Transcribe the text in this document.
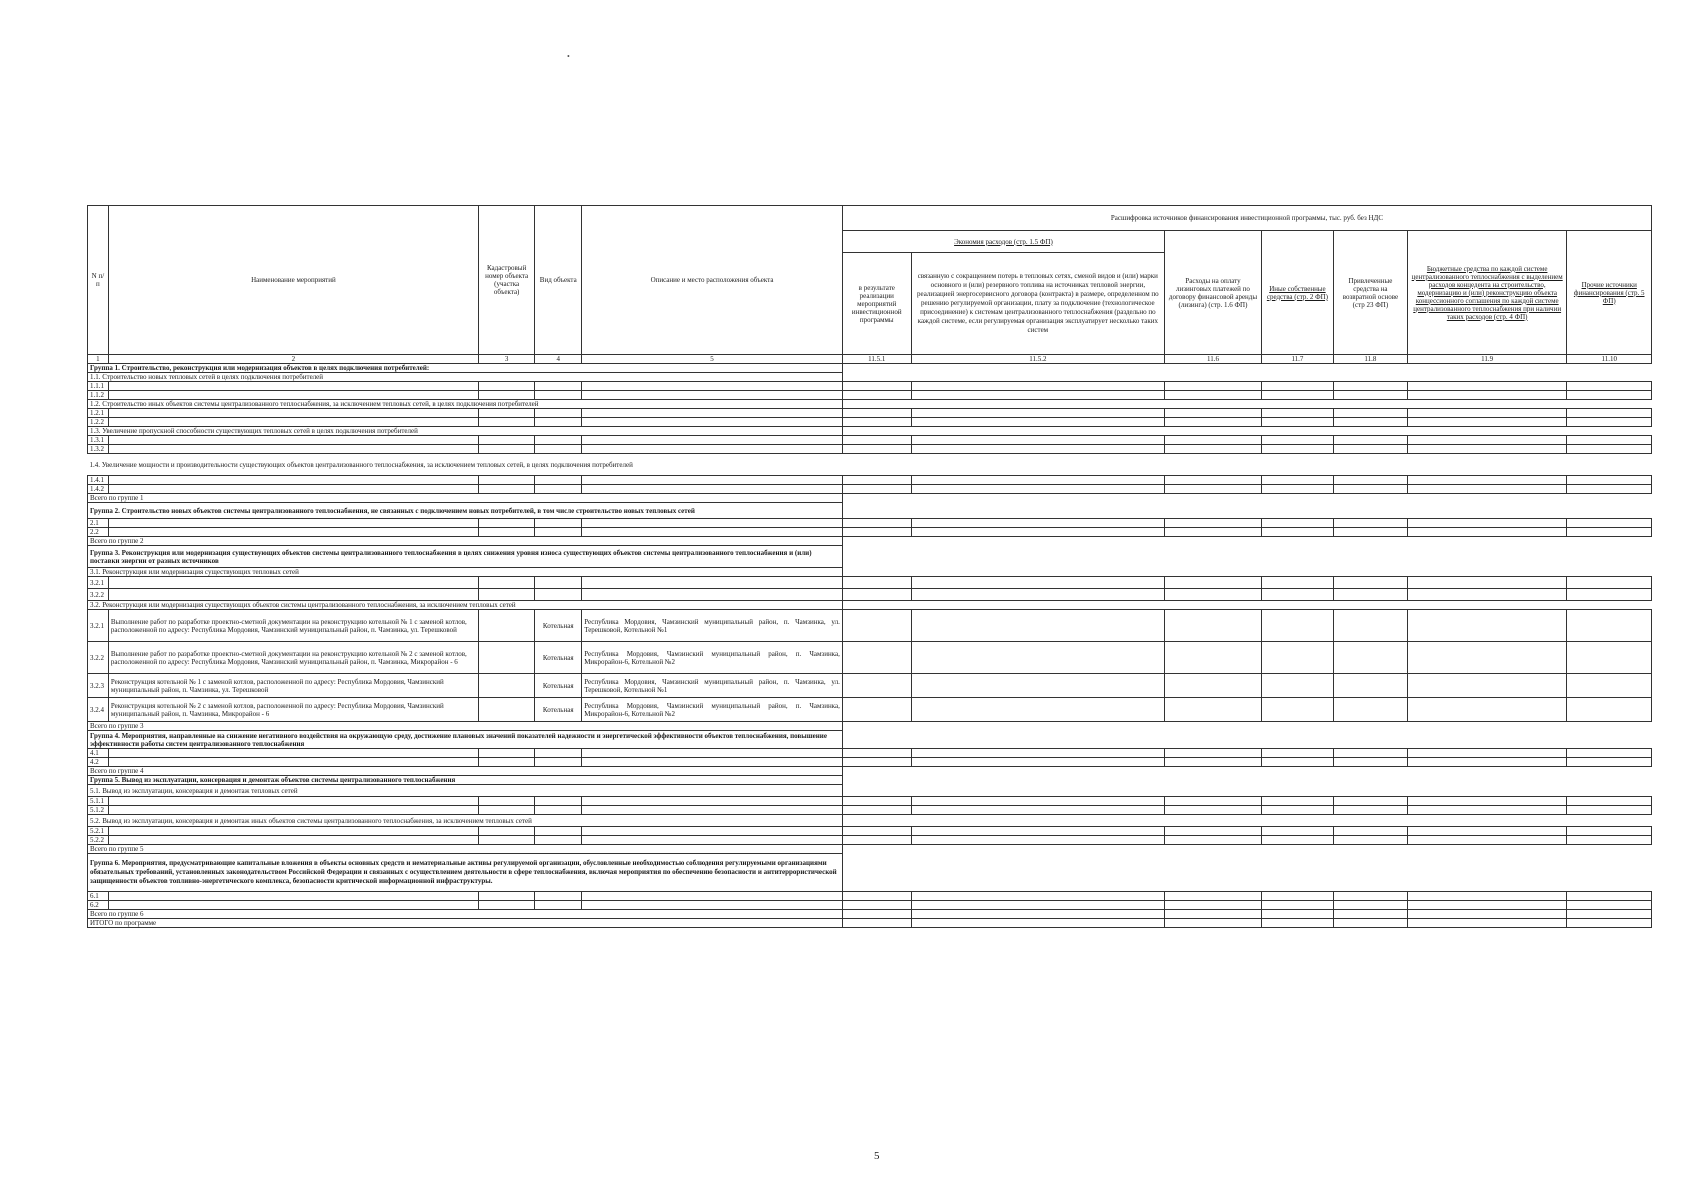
•
N п/п	Наименование мероприятий	Кадастровый номер объекта (участка объекта)	Вид объекта	Описание и место расположения объекта	Расшифровка источников финансирования инвестиционной программы, тыс. руб. без НДС						
					Экономия расходов (стр. 1.5 ФП)		Расходы на оплату лизинговых платежей по договору финансовой аренды (лизинга) (стр. 1.6 ФП)	Иные собственные средства (стр. 2 ФП)	Привлеченные средства на возвратной основе (стр 23 ФП)	Бюджетные средства по каждой системе централизованного теплоснабжения с выделением расходов концедента на строительство, модернизацию и (или) реконструкцию объекта концессионного соглашения по каждой системе централизованного теплоснабжения при наличии таких расходов (стр. 4 ФП)	Прочие источники финансирования (стр. 5 ФП)
					в результате реализации мероприятий инвестиционной программы	связанную с сокращением потерь в тепловых сетях, сменой видов и (или) марки основного и (или) резервного топлива на источниках тепловой энергии, реализацией энергосервисного договора (контракта) в размере, определенном по решению регулируемой организации, плату за подключение (технологическое присоединение) к системам централизованного теплоснабжения (раздельно по каждой системе, если регулируемая организация эксплуатирует несколько таких систем					
1	2	3	4	5	11.5.1	11.5.2	11.6	11.7	11.8	11.9	11.10
Группа 1. Строительство, реконструкция или модернизация объектов в целях подключения потребителей:											
1.1. Строительство новых тепловых сетей в целях подключения потребителей											
1.1.1											
1.1.2											
1.2. Строительство иных объектов системы централизованного теплоснабжения, за исключением тепловых сетей, в целях подключения потребителей											
1.2.1											
1.2.2											
1.3. Увеличение пропускной способности существующих тепловых сетей в целях подключения потребителей											
1.3.1											
1.3.2											
1.4. Увеличение мощности и производительности существующих объектов централизованного теплоснабжения, за исключением тепловых сетей, в целях подключения потребителей											
1.4.1											
1.4.2											
Всего по группе 1											
Группа 2. Строительство новых объектов системы централизованного теплоснабжения, не связанных с подключением новых потребителей, в том числе строительство новых тепловых сетей											
2.1											
2.2											
Всего по группе 2											
Группа 3. Реконструкция или модернизация существующих объектов системы централизованного теплоснабжения в целях снижения уровня износа существующих объектов системы централизованного теплоснабжения и (или) поставки энергии от разных источников											
3.1. Реконструкция или модернизация существующих тепловых сетей											
3.2.1											
3.2.2											
3.2. Реконструкция или модернизация существующих объектов системы централизованного теплоснабжения, за исключением тепловых сетей											
3.2.1	Выполнение работ по разработке проектно-сметной документации на реконструкцию котельной № 1 с заменой котлов, расположенной по адресу: Республика Мордовия, Чамзинский муниципальный район, п. Чамзинка, ул. Терешковой		Котельная	Республика Мордовия, Чамзинский муниципальный район, п. Чамзинка, ул. Терешковой, Котельной №1							
3.2.2	Выполнение работ по разработке проектно-сметной документации на реконструкцию котельной № 2 с заменой котлов, расположенной по адресу: Республика Мордовия, Чамзинский муниципальный район, п. Чамзинка, Микрорайон - 6		Котельная	Республика Мордовия, Чамзинский муниципальный район, п. Чамзинка, Микрорайон-6, Котельной №2							
3.2.3	Реконструкция котельной № 1 с заменой котлов, расположенной по адресу: Республика Мордовия, Чамзинский муниципальный район, п. Чамзинка, ул. Терешковой		Котельная	Республика Мордовия, Чамзинский муниципальный район, п. Чамзинка, ул. Терешковой, Котельной №1							
3.2.4	Реконструкция котельной № 2 с заменой котлов, расположенной по адресу: Республика Мордовия, Чамзинский муниципальный район, п. Чамзинка, Микрорайон - 6		Котельная	Республика Мордовия, Чамзинский муниципальный район, п. Чамзинка, Микрорайон-6, Котельной №2							
Всего по группе 3											
Группа 4. Мероприятия, направленные на снижение негативного воздействия на окружающую среду, достижение плановых значений показателей надежности и энергетической эффективности объектов теплоснабжения, повышение эффективности работы систем централизованного теплоснабжения											
4.1											
4.2											
Всего по группе 4											
Группа 5. Вывод из эксплуатации, консервация и демонтаж объектов системы централизованного теплоснабжения											
5.1. Вывод из эксплуатации, консервация и демонтаж тепловых сетей											
5.1.1											
5.1.2											
5.2. Вывод из эксплуатации, консервация и демонтаж иных объектов системы централизованного теплоснабжения, за исключением тепловых сетей											
5.2.1											
5.2.2											
Всего по группе 5											
Группа 6. Мероприятия, предусматривающие капитальные вложения в объекты основных средств и нематериальные активы регулируемой организации, обусловленные необходимостью соблюдения регулируемыми организациями обязательных требований, установленных законодательством Российской Федерации и связанных с осуществлением деятельности в сфере теплоснабжения, включая мероприятия по обеспечению безопасности и антитеррористической защищенности объектов топливно-энергетического комплекса, безопасности критической информационной инфраструктуры.											
6.1											
6.2											
Всего по группе 6											
ИТОГО по программе											
5
